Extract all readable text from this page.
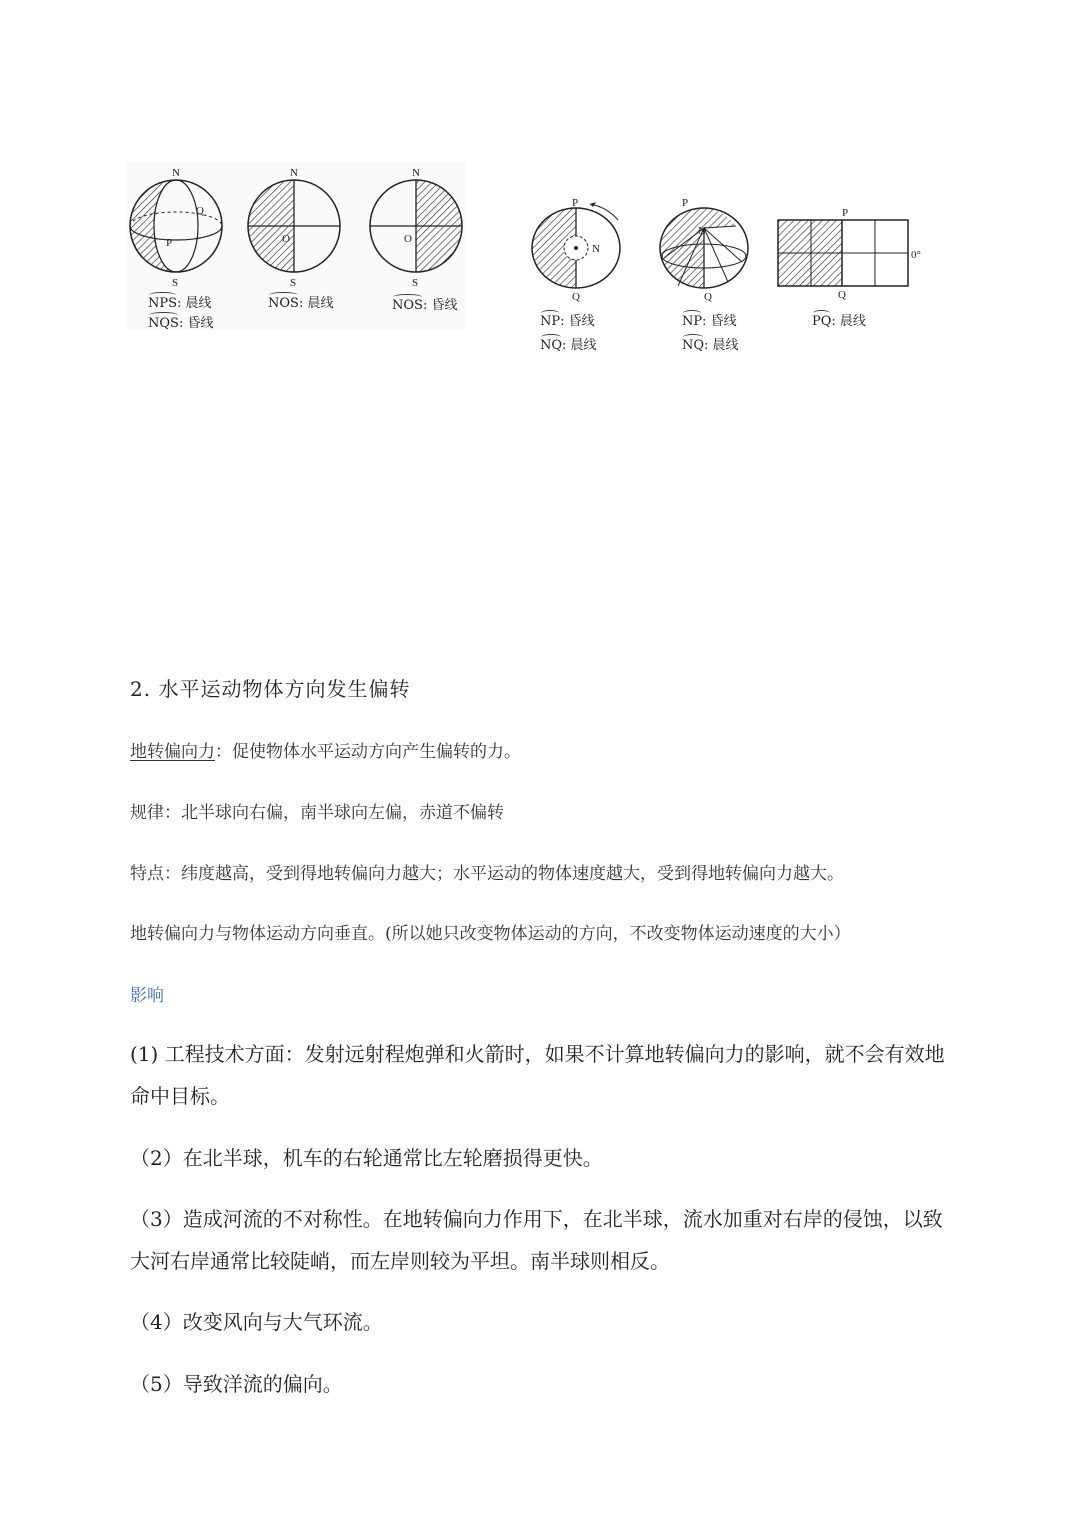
N
S
Q
P
N
S
O
N
S
O
NPS: 晨线
NQS: 昏线
NOS: 晨线	NOS: 昏线
P
Q
N
P
Q
N
P
Q
0°
NP: 昏线
NQ: 晨线
NP: 昏线
NQ: 晨线
PQ: 晨线
2. 水平运动物体方向发生偏转
地转偏向力：促使物体水平运动方向产生偏转的力。
规律：北半球向右偏，南半球向左偏，赤道不偏转
特点：纬度越高，受到得地转偏向力越大；水平运动的物体速度越大，受到得地转偏向力越大。
地转偏向力与物体运动方向垂直。(所以她只改变物体运动的方向，不改变物体运动速度的大小）
影响
(1) 工程技术方面：发射远射程炮弹和火箭时，如果不计算地转偏向力的影响，就不会有效地命中目标。
（2）在北半球，机车的右轮通常比左轮磨损得更快。
（3）造成河流的不对称性。在地转偏向力作用下，在北半球，流水加重对右岸的侵蚀，以致大河右岸通常比较陡峭，而左岸则较为平坦。南半球则相反。
（4）改变风向与大气环流。
（5）导致洋流的偏向。
